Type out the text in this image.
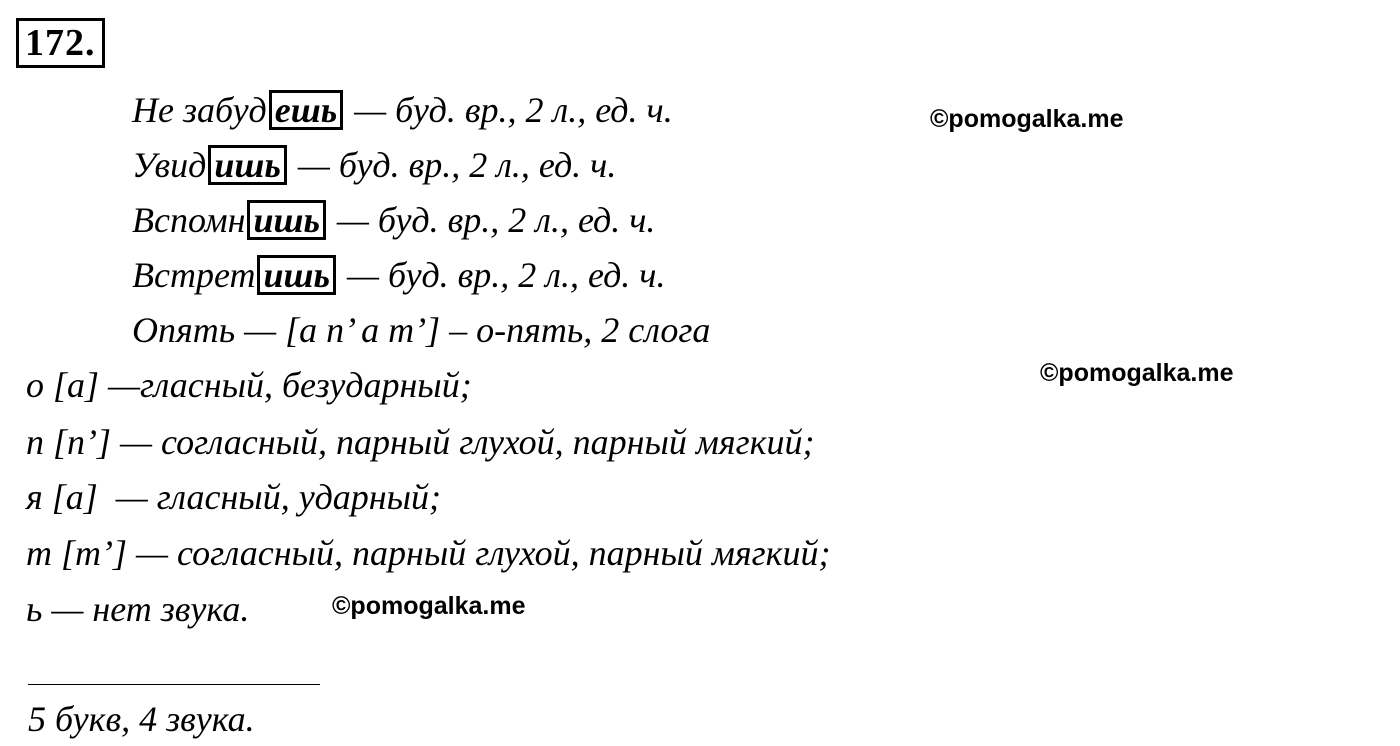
172.
Не забуд ешь — буд. вр., 2 л., ед. ч.
Увид ишь — буд. вр., 2 л., ед. ч.
Вспомн ишь — буд. вр., 2 л., ед. ч.
Встрет ишь — буд. вр., 2 л., ед. ч.
Опять — [а п’ а т’] – о-пять, 2 слога
о [а] —гласный, безударный;
п [п’] — согласный, парный глухой, парный мягкий;
я [а]  — гласный, ударный;
т [т’] — согласный, парный глухой, парный мягкий;
ь — нет звука.
5 букв, 4 звука.
©pomogalka.me
©pomogalka.me
©pomogalka.me
